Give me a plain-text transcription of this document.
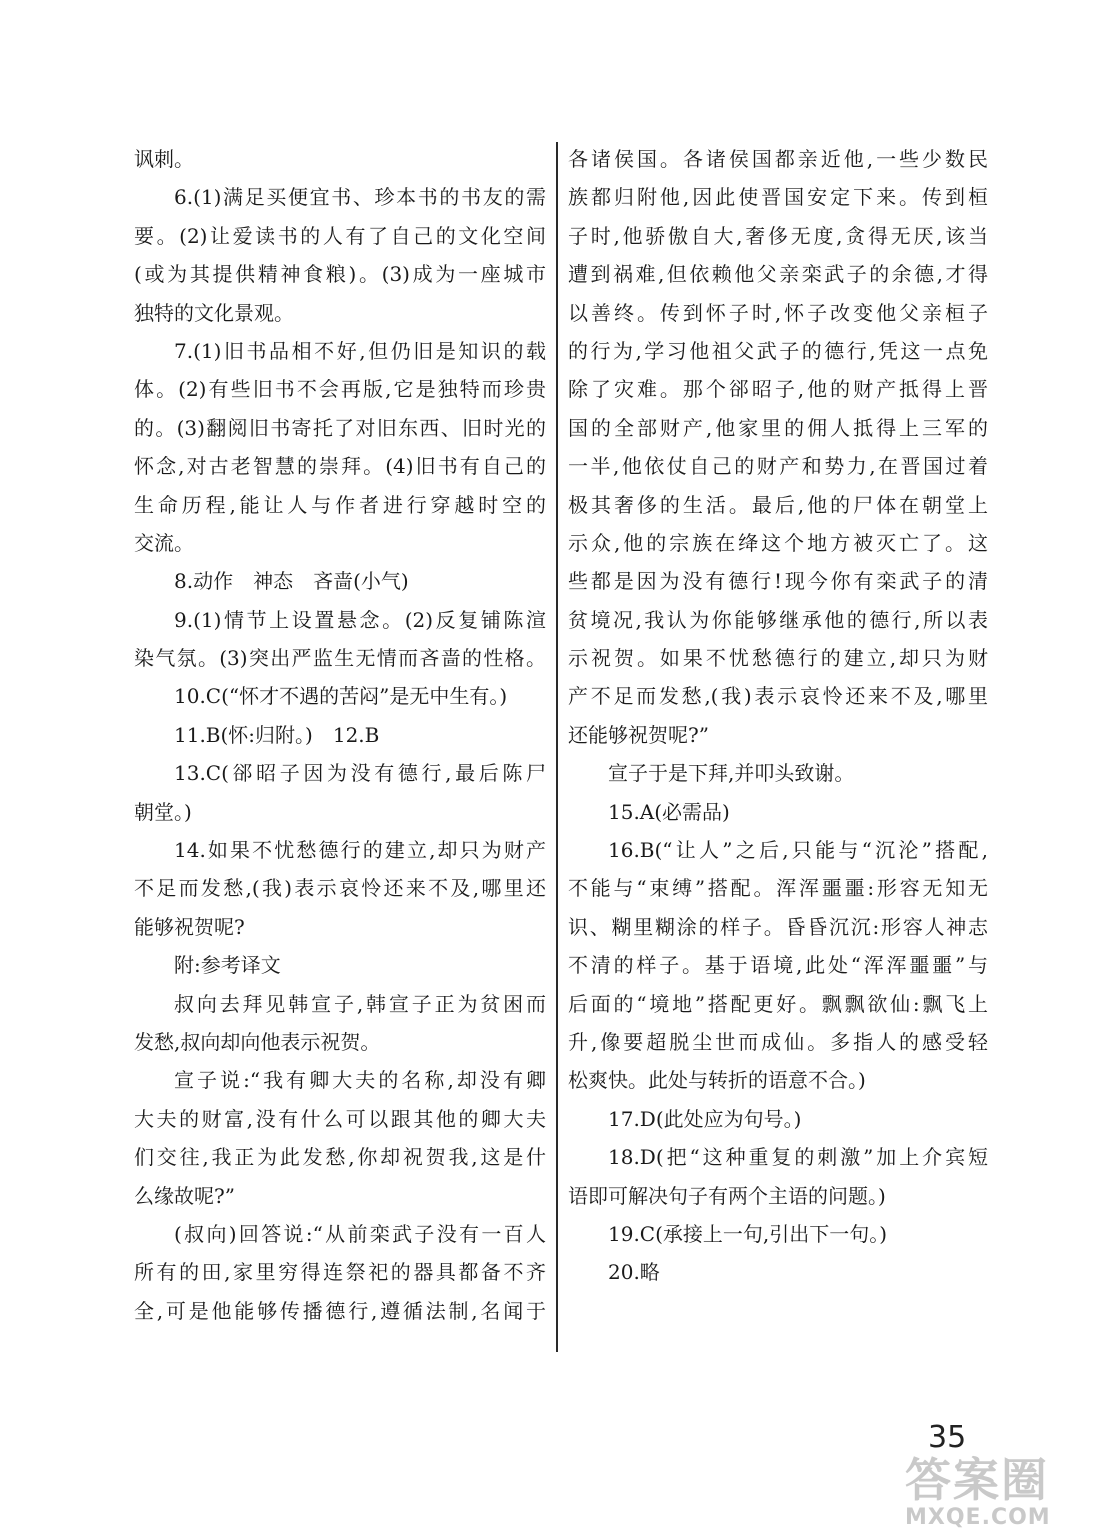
讽刺。
6.(1)满足买便宜书、珍本书的书友的需
要。(2)让爱读书的人有了自己的文化空间
(或为其提供精神食粮)。(3)成为一座城市
独特的文化景观。
7.(1)旧书品相不好,但仍旧是知识的载
体。(2)有些旧书不会再版,它是独特而珍贵
的。(3)翻阅旧书寄托了对旧东西、旧时光的
怀念,对古老智慧的崇拜。(4)旧书有自己的
生命历程,能让人与作者进行穿越时空的
交流。
8.动作　神态　吝啬(小气)
9.(1)情节上设置悬念。(2)反复铺陈渲
染气氛。(3)突出严监生无情而吝啬的性格。
10.C(“怀才不遇的苦闷”是无中生有。)
11.B(怀:归附。)　12.B
13.C(郤昭子因为没有德行,最后陈尸
朝堂。)
14.如果不忧愁德行的建立,却只为财产
不足而发愁,(我)表示哀怜还来不及,哪里还
能够祝贺呢?
附:参考译文
叔向去拜见韩宣子,韩宣子正为贫困而
发愁,叔向却向他表示祝贺。
宣子说:“我有卿大夫的名称,却没有卿
大夫的财富,没有什么可以跟其他的卿大夫
们交往,我正为此发愁,你却祝贺我,这是什
么缘故呢?”
(叔向)回答说:“从前栾武子没有一百人
所有的田,家里穷得连祭祀的器具都备不齐
全,可是他能够传播德行,遵循法制,名闻于
各诸侯国。各诸侯国都亲近他,一些少数民
族都归附他,因此使晋国安定下来。传到桓
子时,他骄傲自大,奢侈无度,贪得无厌,该当
遭到祸难,但依赖他父亲栾武子的余德,才得
以善终。传到怀子时,怀子改变他父亲桓子
的行为,学习他祖父武子的德行,凭这一点免
除了灾难。那个郤昭子,他的财产抵得上晋
国的全部财产,他家里的佣人抵得上三军的
一半,他依仗自己的财产和势力,在晋国过着
极其奢侈的生活。最后,他的尸体在朝堂上
示众,他的宗族在绛这个地方被灭亡了。这
些都是因为没有德行!现今你有栾武子的清
贫境况,我认为你能够继承他的德行,所以表
示祝贺。如果不忧愁德行的建立,却只为财
产不足而发愁,(我)表示哀怜还来不及,哪里
还能够祝贺呢?”
宣子于是下拜,并叩头致谢。
15.A(必需品)
16.B(“让人”之后,只能与“沉沦”搭配,
不能与“束缚”搭配。浑浑噩噩:形容无知无
识、糊里糊涂的样子。昏昏沉沉:形容人神志
不清的样子。基于语境,此处“浑浑噩噩”与
后面的“境地”搭配更好。飘飘欲仙:飘飞上
升,像要超脱尘世而成仙。多指人的感受轻
松爽快。此处与转折的语意不合。)
17.D(此处应为句号。)
18.D(把“这种重复的刺激”加上介宾短
语即可解决句子有两个主语的问题。)
19.C(承接上一句,引出下一句。)
20.略
35
答案圈
MXQE.COM
